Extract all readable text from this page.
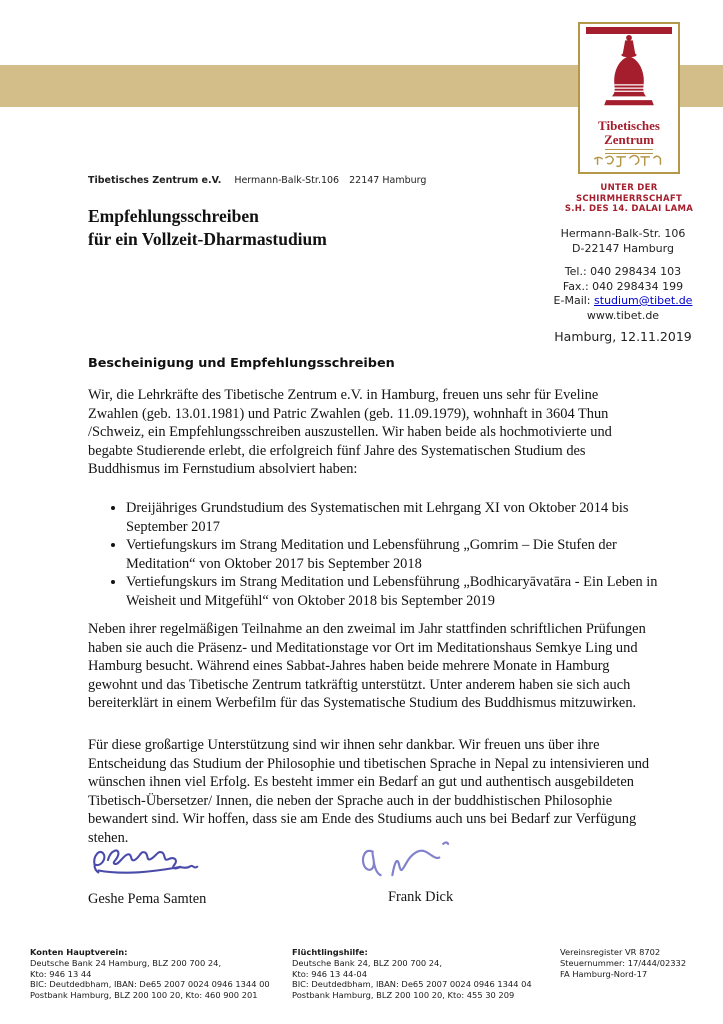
Tibetisches
Zentrum
UNTER DER
SCHIRMHERRSCHAFT
S.H. DES 14. DALAI LAMA
Tibetisches Zentrum e.V. Hermann-Balk-Str.106 22147 Hamburg
Empfehlungsschreiben
für ein Vollzeit-Dharmastudium	Hermann-Balk-Str. 106
D-22147 Hamburg
Tel.: 040 298434 103
Fax.: 040 298434 199
E-Mail: studium@tibet.de
www.tibet.de
Hamburg, 12.11.2019
Bescheinigung und Empfehlungsschreiben

Wir, die Lehrkräfte des Tibetische Zentrum e.V. in Hamburg, freuen uns sehr für Eveline Zwahlen (geb. 13.01.1981) und Patric Zwahlen (geb. 11.09.1979), wohnhaft in 3604 Thun /Schweiz, ein Empfehlungsschreiben auszustellen. Wir haben beide als hochmotivierte und begabte Studierende erlebt, die erfolgreich fünf Jahre des Systematischen Studium des Buddhismus im Fernstudium absolviert haben:

• Dreijähriges Grundstudium des Systematischen mit Lehrgang XI von Oktober 2014 bis September 2017
• Vertiefungskurs im Strang Meditation und Lebensführung „Gomrim – Die Stufen der Meditation“ von Oktober 2017 bis September 2018
• Vertiefungskurs im Strang Meditation und Lebensführung „Bodhicaryāvatāra - Ein Leben in Weisheit und Mitgefühl“ von Oktober 2018 bis September 2019

Neben ihrer regelmäßigen Teilnahme an den zweimal im Jahr stattfinden schriftlichen Prüfungen haben sie auch die Präsenz- und Meditationstage vor Ort im Meditationshaus Semkye Ling und Hamburg besucht. Während eines Sabbat-Jahres haben beide mehrere Monate in Hamburg gewohnt und das Tibetische Zentrum tatkräftig unterstützt. Unter anderem haben sie sich auch bereiterklärt in einem Werbefilm für das Systematische Studium des Buddhismus mitzuwirken.

Für diese großartige Unterstützung sind wir ihnen sehr dankbar. Wir freuen uns über ihre Entscheidung das Studium der Philosophie und tibetischen Sprache in Nepal zu intensivieren und wünschen ihnen viel Erfolg. Es besteht immer ein Bedarf an gut und authentisch ausgebildeten Tibetisch-Übersetzer/ Innen, die neben der Sprache auch in der buddhistischen Philosophie bewandert sind. Wir hoffen, dass sie am Ende des Studiums auch uns bei Bedarf zur Verfügung stehen.

Geshe Pema Samten	Frank Dick
Konten Hauptverein:
Deutsche Bank 24 Hamburg, BLZ 200 700 24,
Kto: 946 13 44
BIC: Deutdedbham, IBAN: De65 2007 0024 0946 1344 00
Postbank Hamburg, BLZ 200 100 20, Kto: 460 900 201
Flüchtlingshilfe:
Deutsche Bank 24, BLZ 200 700 24,
Kto: 946 13 44-04
BIC: Deutdedbham, IBAN: De65 2007 0024 0946 1344 04
Postbank Hamburg, BLZ 200 100 20, Kto: 455 30 209
Vereinsregister VR 8702
Steuernummer: 17/444/02332
FA Hamburg-Nord-17
